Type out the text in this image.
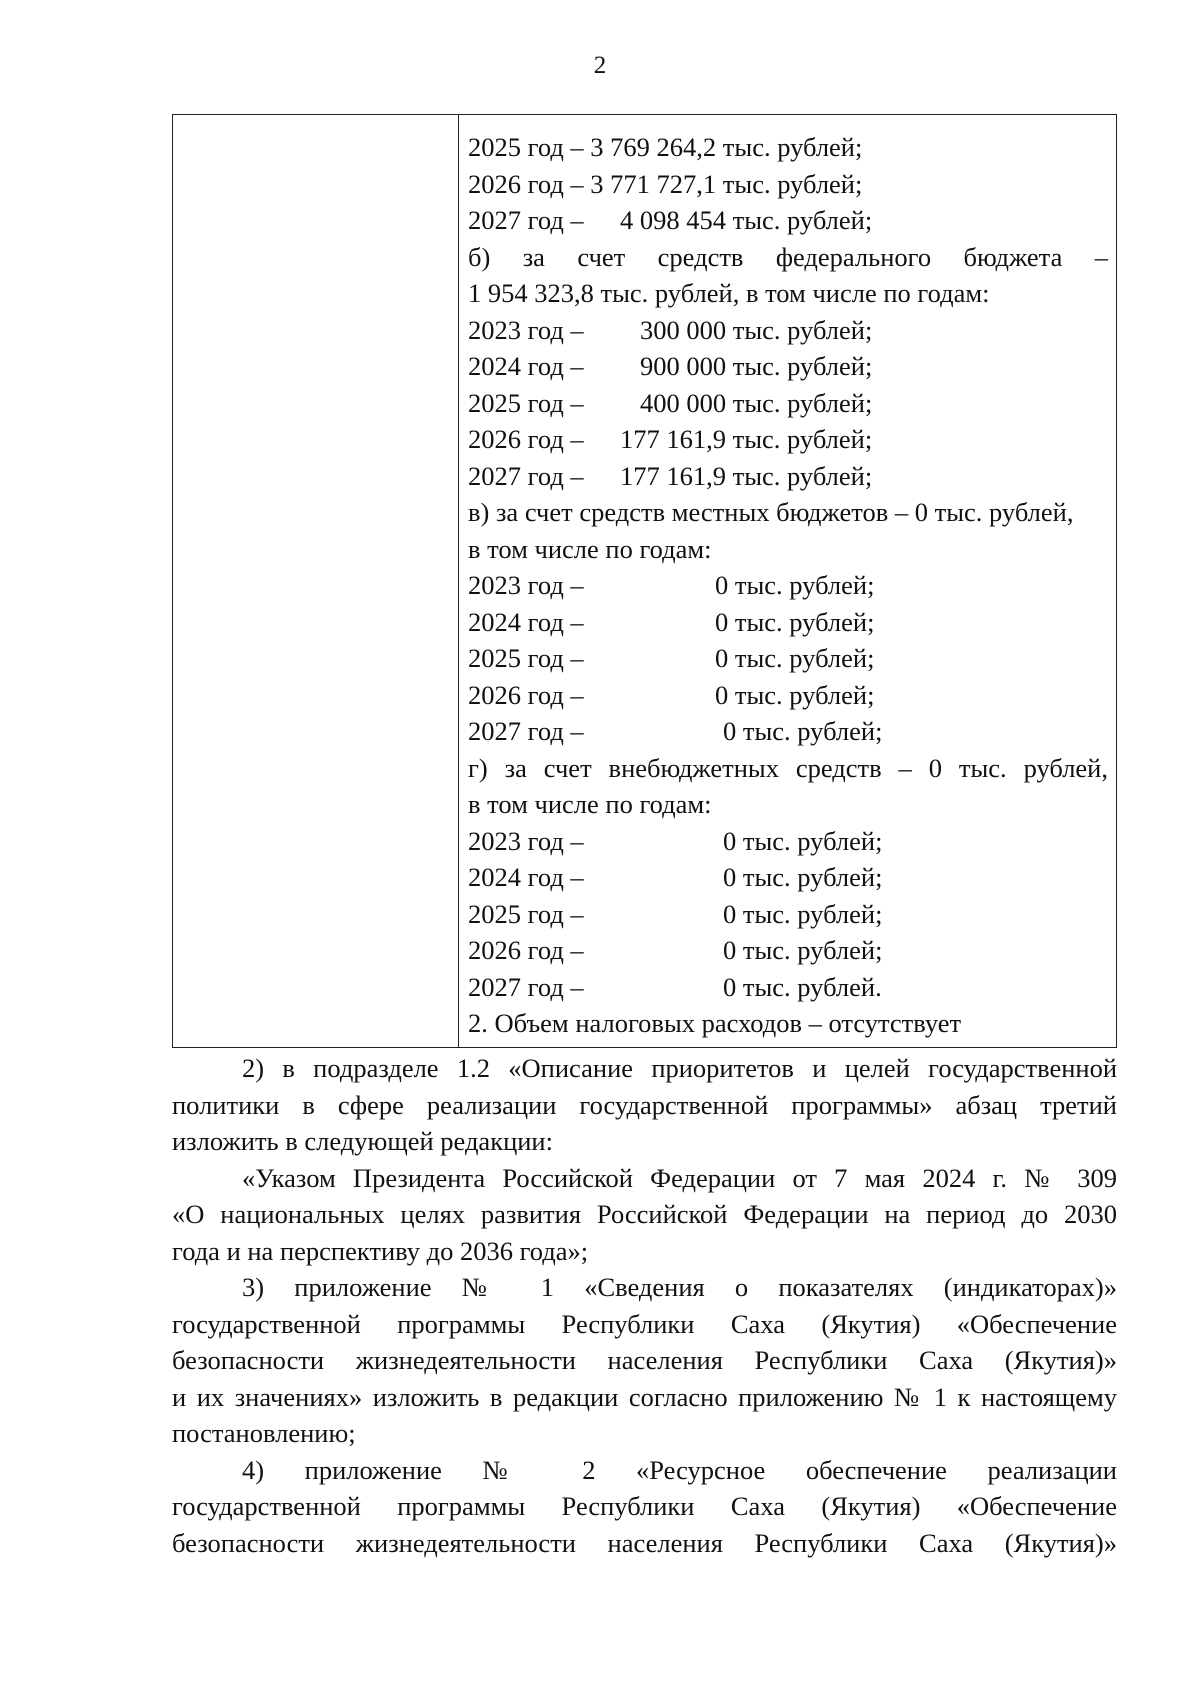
2
2025 год – 3 769 264,2 тыс. рублей;
2026 год – 3 771 727,1 тыс. рублей;
2027 год – 4 098 454 тыс. рублей;
б) за счет средств федерального бюджета –
1 954 323,8 тыс. рублей, в том числе по годам:
2023 год – 300 000 тыс. рублей;
2024 год – 900 000 тыс. рублей;
2025 год – 400 000 тыс. рублей;
2026 год – 177 161,9 тыс. рублей;
2027 год – 177 161,9 тыс. рублей;
в) за счет средств местных бюджетов – 0 тыс. рублей,
в том числе по годам:
2023 год –	0 тыс. рублей;
2024 год –	0 тыс. рублей;
2025 год –	0 тыс. рублей;
2026 год –	0 тыс. рублей;
2027 год –	0 тыс. рублей;
г) за счет внебюджетных средств – 0 тыс. рублей,
в том числе по годам:
2023 год –	0 тыс. рублей;
2024 год –	0 тыс. рублей;
2025 год –	0 тыс. рублей;
2026 год –	0 тыс. рублей;
2027 год –	0 тыс. рублей.
2. Объем налоговых расходов – отсутствует
2) в подразделе 1.2 «Описание приоритетов и целей государственной
политики в сфере реализации государственной программы» абзац третий
изложить в следующей редакции:
«Указом Президента Российской Федерации от 7 мая 2024 г. № 309
«О национальных целях развития Российской Федерации на период до 2030
года и на перспективу до 2036 года»;
3) приложение № 1 «Сведения о показателях (индикаторах)»
государственной программы Республики Саха (Якутия) «Обеспечение
безопасности жизнедеятельности населения Республики Саха (Якутия)»
и их значениях» изложить в редакции согласно приложению № 1 к настоящему
постановлению;
4) приложение № 2 «Ресурсное обеспечение реализации
государственной программы Республики Саха (Якутия) «Обеспечение
безопасности жизнедеятельности населения Республики Саха (Якутия)»
